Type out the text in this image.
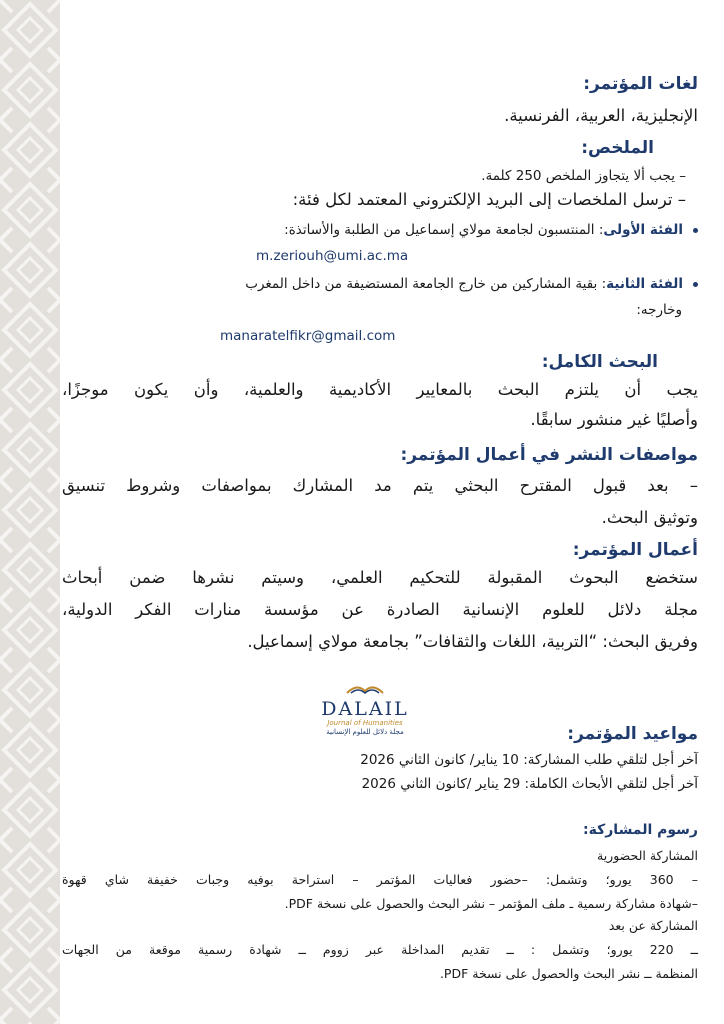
لغات المؤتمر:
الإنجليزية، العربية، الفرنسية.
الملخص:
– يجب ألا يتجاوز الملخص 250 كلمة.
– ترسل الملخصات إلى البريد الإلكتروني المعتمد لكل فئة:
الفئة الأولى: المنتسبون لجامعة مولاي إسماعيل من الطلبة والأساتذة:
m.zeriouh@umi.ac.ma
الفئة الثانية: بقية المشاركين من خارج الجامعة المستضيفة من داخل المغرب
وخارجه:
manaratelfikr@gmail.com
البحث الكامل:
يجب أن يلتزم البحث بالمعايير الأكاديمية والعلمية، وأن يكون موجزًا،
وأصليًا غير منشور سابقًا.
مواصفات النشر في أعمال المؤتمر:
– بعد قبول المقترح البحثي يتم مد المشارك بمواصفات وشروط تنسيق
وتوثيق البحث.
أعمال المؤتمر:
ستخضع البحوث المقبولة للتحكيم العلمي، وسيتم نشرها ضمن أبحاث
مجلة دلائل للعلوم الإنسانية الصادرة عن مؤسسة منارات الفكر الدولية،
وفريق البحث: “التربية، اللغات والثقافات” بجامعة مولاي إسماعيل.
مواعيد المؤتمر:
آخر أجل لتلقي طلب المشاركة: 10 يناير/ كانون الثاني 2026
آخر أجل لتلقي الأبحاث الكاملة: 29 يناير /كانون الثاني 2026
رسوم المشاركة:
المشاركة الحضورية
– 360 يورو؛ وتشمل: –حضور فعاليات المؤتمر – استراحة بوفيه وجبات خفيفة شاي قهوة
–شهادة مشاركة رسمية ـ ملف المؤتمر – نشر البحث والحصول على نسخة PDF.
المشاركة عن بعد
ــ 220 يورو؛ وتشمل : ــ تقديم المداخلة عبر زووم ــ شهادة رسمية موقعة من الجهات
المنظمة ــ نشر البحث والحصول على نسخة PDF.
DALAIL
Journal of Humanities
مجلة دلائل للعلوم الإنسانية
